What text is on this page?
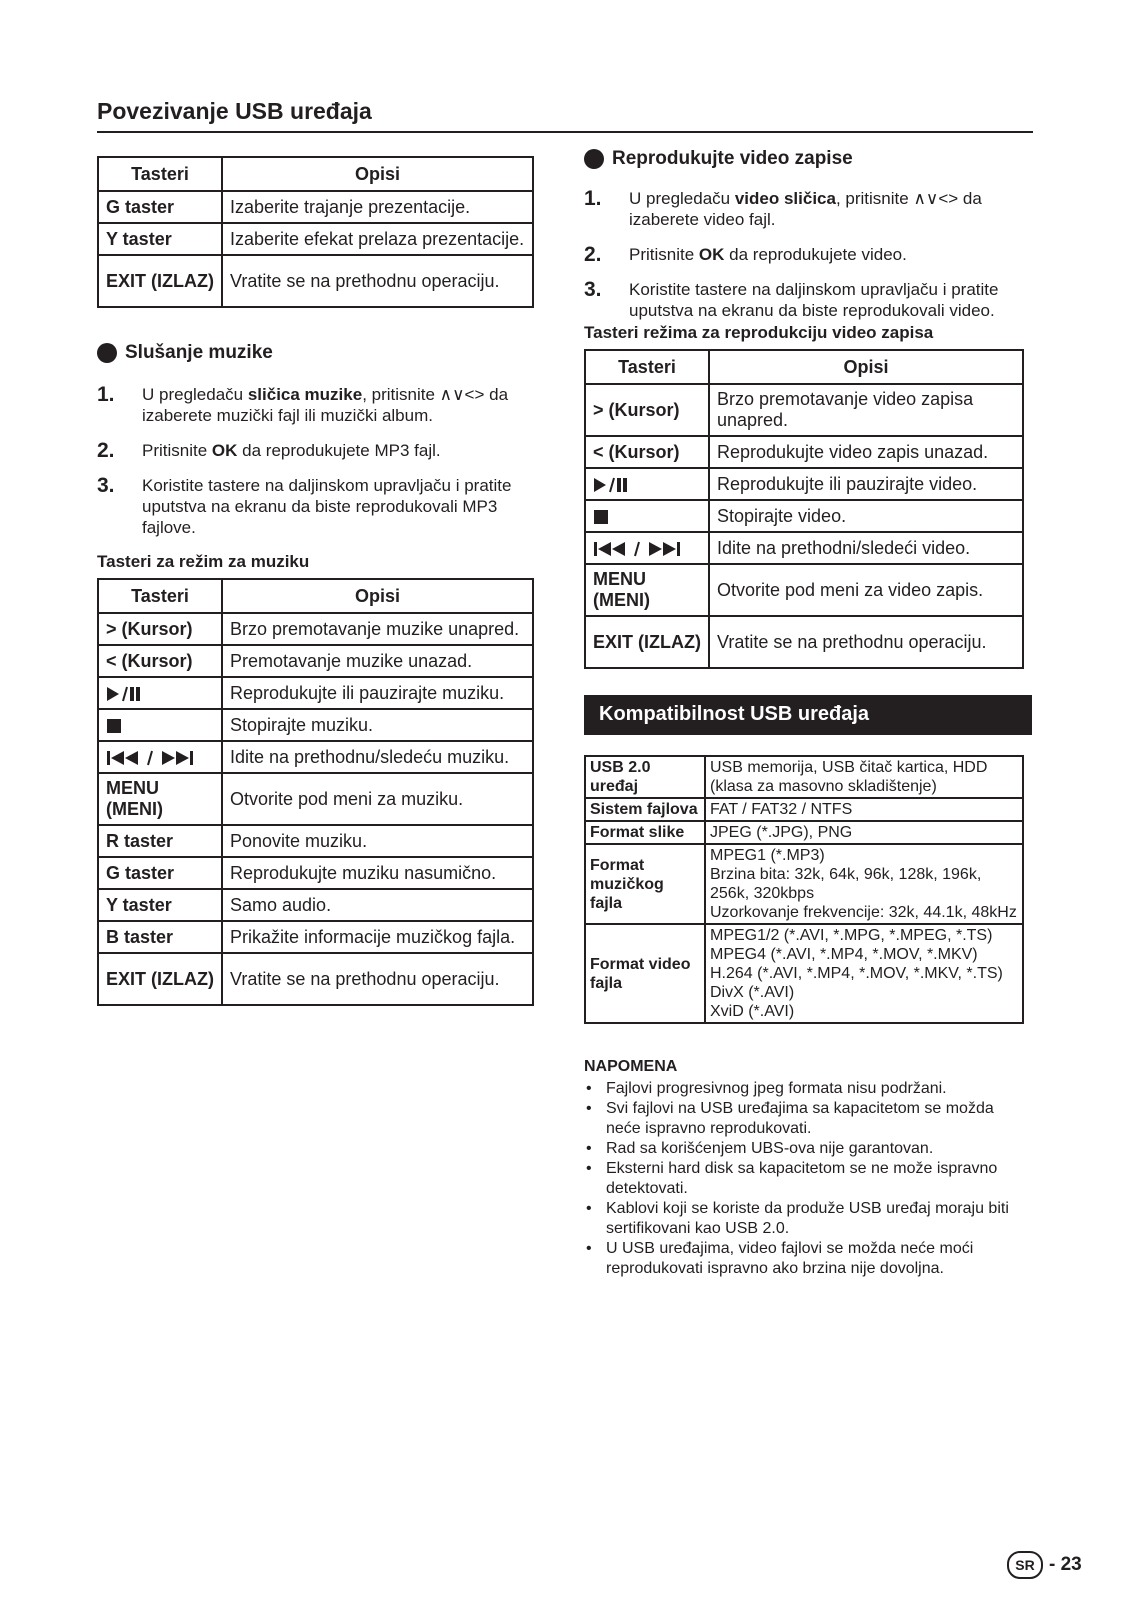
Povezivanje USB uređaja
Tasteri	Opisi
G taster	Izaberite trajanje prezentacije.
Y taster	Izaberite efekat prelaza prezentacije.
EXIT (IZLAZ)	Vratite se na prethodnu operaciju.
Slušanje muzike
1.	U pregledaču sličica muzike, pritisnite ∧∨<> da izaberete muzički fajl ili muzički album.
2.	Pritisnite OK da reprodukujete MP3 fajl.
3.	Koristite tastere na daljinskom upravljaču i pratite uputstva na ekranu da biste reprodukovali MP3 fajlove.
Tasteri za režim za muziku
Tasteri	Opisi
> (Kursor)	Brzo premotavanje muzike unapred.
< (Kursor)	Premotavanje muzike unazad.
	Reprodukujte ili pauzirajte muziku.
	Stopirajte muziku.
	Idite na prethodnu/sledeću muziku.
MENU (MENI)	Otvorite pod meni za muziku.
R taster	Ponovite muziku.
G taster	Reprodukujte muziku nasumično.
Y taster	Samo audio.
B taster	Prikažite informacije muzičkog fajla.
EXIT (IZLAZ)	Vratite se na prethodnu operaciju.
Reprodukujte video zapise
1.	U pregledaču video sličica, pritisnite ∧∨<> da izaberete video fajl.
2.	Pritisnite OK da reprodukujete video.
3.	Koristite tastere na daljinskom upravljaču i pratite uputstva na ekranu da biste reprodukovali video.
Tasteri režima za reprodukciju video zapisa
Tasteri	Opisi
> (Kursor)	Brzo premotavanje video zapisa unapred.
< (Kursor)	Reprodukujte video zapis unazad.
	Reprodukujte ili pauzirajte video.
	Stopirajte video.
	Idite na prethodni/sledeći video.
MENU (MENI)	Otvorite pod meni za video zapis.
EXIT (IZLAZ)	Vratite se na prethodnu operaciju.
Kompatibilnost USB uređaja
USB 2.0 uređaj	USB memorija, USB čitač kartica, HDD (klasa za masovno skladištenje)
Sistem fajlova	FAT / FAT32 / NTFS
Format slike	JPEG (*.JPG), PNG
Format muzičkog fajla	MPEG1 (*.MP3)
Brzina bita: 32k, 64k, 96k, 128k, 196k, 256k, 320kbps
Uzorkovanje frekvencije: 32k, 44.1k, 48kHz
Format video fajla	MPEG1/2 (*.AVI, *.MPG, *.MPEG, *.TS)
MPEG4 (*.AVI, *.MP4, *.MOV, *.MKV)
H.264 (*.AVI, *.MP4, *.MOV, *.MKV, *.TS)
DivX (*.AVI)
XviD (*.AVI)
NAPOMENA
• Fajlovi progresivnog jpeg formata nisu podržani.
• Svi fajlovi na USB uređajima sa kapacitetom se možda neće ispravno reprodukovati.
• Rad sa korišćenjem UBS-ova nije garantovan.
• Eksterni hard disk sa kapacitetom se ne može ispravno detektovati.
• Kablovi koji se koriste da produže USB uređaj moraju biti sertifikovani kao USB 2.0.
• U USB uređajima, video fajlovi se možda neće moći reprodukovati ispravno ako brzina nije dovoljna.
SR - 23
